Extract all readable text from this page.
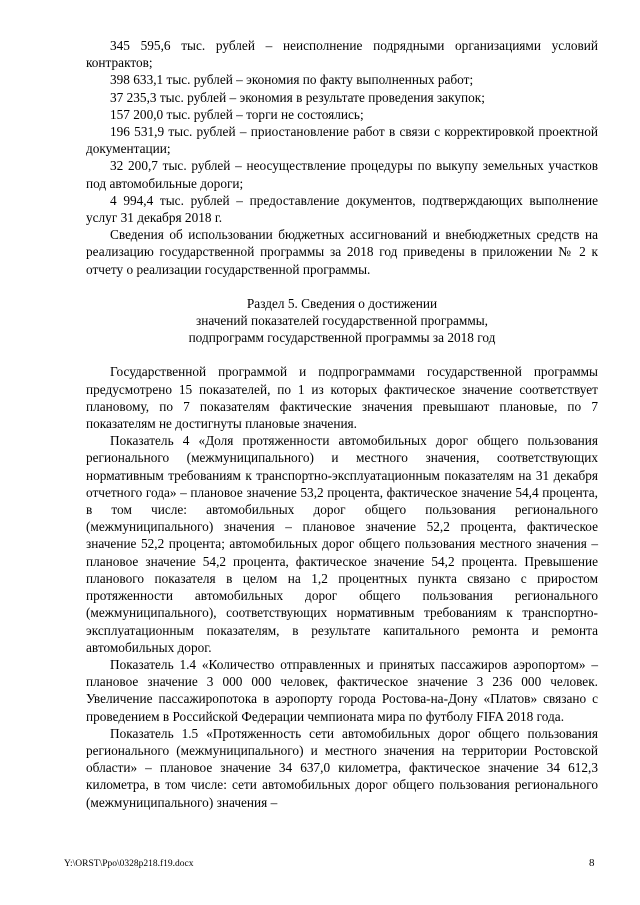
345 595,6 тыс. рублей – неисполнение подрядными организациями условий контрактов;

398 633,1 тыс. рублей – экономия по факту выполненных работ;

37 235,3 тыс. рублей – экономия в результате проведения закупок;

157 200,0 тыс. рублей – торги не состоялись;

196 531,9 тыс. рублей – приостановление работ в связи с корректировкой проектной документации;

32 200,7 тыс. рублей – неосуществление процедуры по выкупу земельных участков под автомобильные дороги;

4 994,4 тыс. рублей – предоставление документов, подтверждающих выполнение услуг 31 декабря 2018 г.

Сведения об использовании бюджетных ассигнований и внебюджетных средств на реализацию государственной программы за 2018 год приведены в приложении № 2 к отчету о реализации государственной программы.

Раздел 5. Сведения о достижении

значений показателей государственной программы,

подпрограмм государственной программы за 2018 год

Государственной программой и подпрограммами государственной программы предусмотрено 15 показателей, по 1 из которых фактическое значение соответствует плановому, по 7 показателям фактические значения превышают плановые, по 7 показателям не достигнуты плановые значения.

Показатель 4 «Доля протяженности автомобильных дорог общего пользования регионального (межмуниципального) и местного значения, соответствующих нормативным требованиям к транспортно-эксплуатационным показателям на 31 декабря отчетного года» – плановое значение 53,2 процента, фактическое значение 54,4 процента, в том числе: автомобильных дорог общего пользования регионального (межмуниципального) значения – плановое значение 52,2 процента, фактическое значение 52,2 процента; автомобильных дорог общего пользования местного значения – плановое значение 54,2 процента, фактическое значение 54,2 процента. Превышение планового показателя в целом на 1,2 процентных пункта связано с приростом протяженности автомобильных дорог общего пользования регионального (межмуниципального), соответствующих нормативным требованиям к транспортно-эксплуатационным показателям, в результате капитального ремонта и ремонта автомобильных дорог.

Показатель 1.4 «Количество отправленных и принятых пассажиров аэропортом» – плановое значение 3 000 000 человек, фактическое значение 3 236 000 человек. Увеличение пассажиропотока в аэропорту города Ростова-на-Дону «Платов» связано с проведением в Российской Федерации чемпионата мира по футболу FIFA 2018 года.

Показатель 1.5 «Протяженность сети автомобильных дорог общего пользования регионального (межмуниципального) и местного значения на территории Ростовской области» – плановое значение 34 637,0 километра, фактическое значение 34 612,3 километра, в том числе: сети автомобильных дорог общего пользования регионального (межмуниципального) значения –

Y:\ORST\Ppo\0328p218.f19.docx	8
